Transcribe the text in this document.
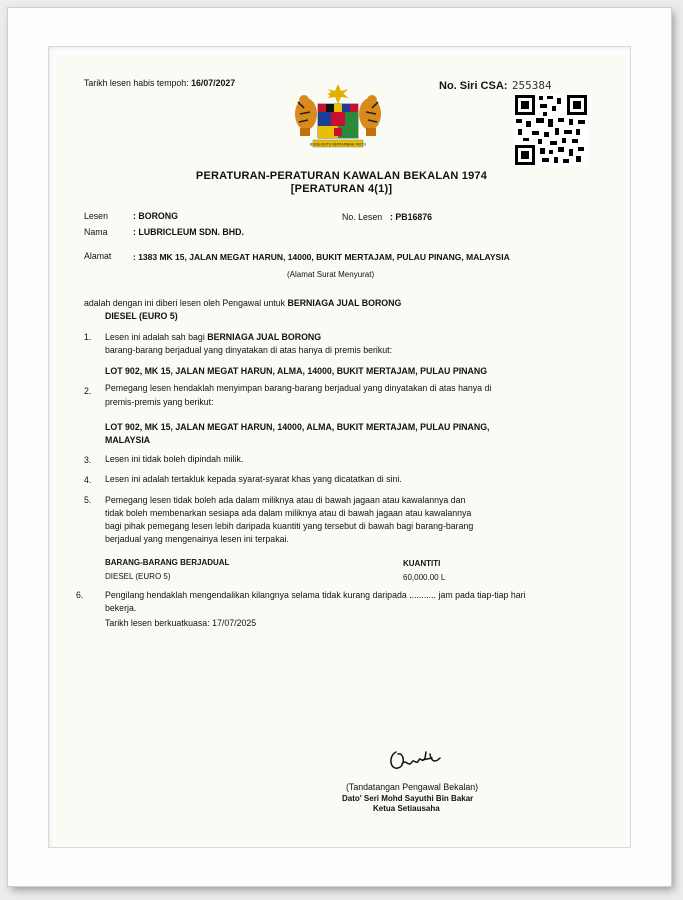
Tarikh lesen habis tempoh: 16/07/2027	No. Siri CSA: 255384
BERSEKUTU BERTAMBAH MUTU
PERATURAN-PERATURAN KAWALAN BEKALAN 1974
[PERATURAN 4(1)]
Lesen	: BORONG	No. Lesen : PB16876
Nama	: LUBRICLEUM SDN. BHD.
Alamat	: 1383 MK 15, JALAN MEGAT HARUN, 14000, BUKIT MERTAJAM, PULAU PINANG, MALAYSIA
(Alamat Surat Menyurat)
adalah dengan ini diberi lesen oleh Pengawal untuk BERNIAGA JUAL BORONG
DIESEL (EURO 5)
1. Lesen ini adalah sah bagi BERNIAGA JUAL BORONG
barang-barang berjadual yang dinyatakan di atas hanya di premis berikut:
LOT 902, MK 15, JALAN MEGAT HARUN, ALMA, 14000, BUKIT MERTAJAM, PULAU PINANG
2. Pemegang lesen hendaklah menyimpan barang-barang berjadual yang dinyatakan di atas hanya di
premis-premis yang berikut:
LOT 902, MK 15, JALAN MEGAT HARUN, 14000, ALMA, BUKIT MERTAJAM, PULAU PINANG,
MALAYSIA
3. Lesen ini tidak boleh dipindah milik.
4. Lesen ini adalah tertakluk kepada syarat-syarat khas yang dicatatkan di sini.
5. Pemegang lesen tidak boleh ada dalam miliknya atau di bawah jagaan atau kawalannya dan
tidak boleh membenarkan sesiapa ada dalam miliknya atau di bawah jagaan atau kawalannya
bagi pihak pemegang lesen lebih daripada kuantiti yang tersebut di bawah bagi barang-barang
berjadual yang mengenainya lesen ini terpakai.
BARANG-BARANG BERJADUAL	KUANTITI
DIESEL (EURO 5)	60,000.00 L
6. Pengilang hendaklah mengendalikan kilangnya selama tidak kurang daripada ........... jam pada tiap-tiap hari
bekerja.
Tarikh lesen berkuatkuasa: 17/07/2025
(Tandatangan Pengawal Bekalan)
Dato' Seri Mohd Sayuthi Bin Bakar
Ketua Setiausaha
